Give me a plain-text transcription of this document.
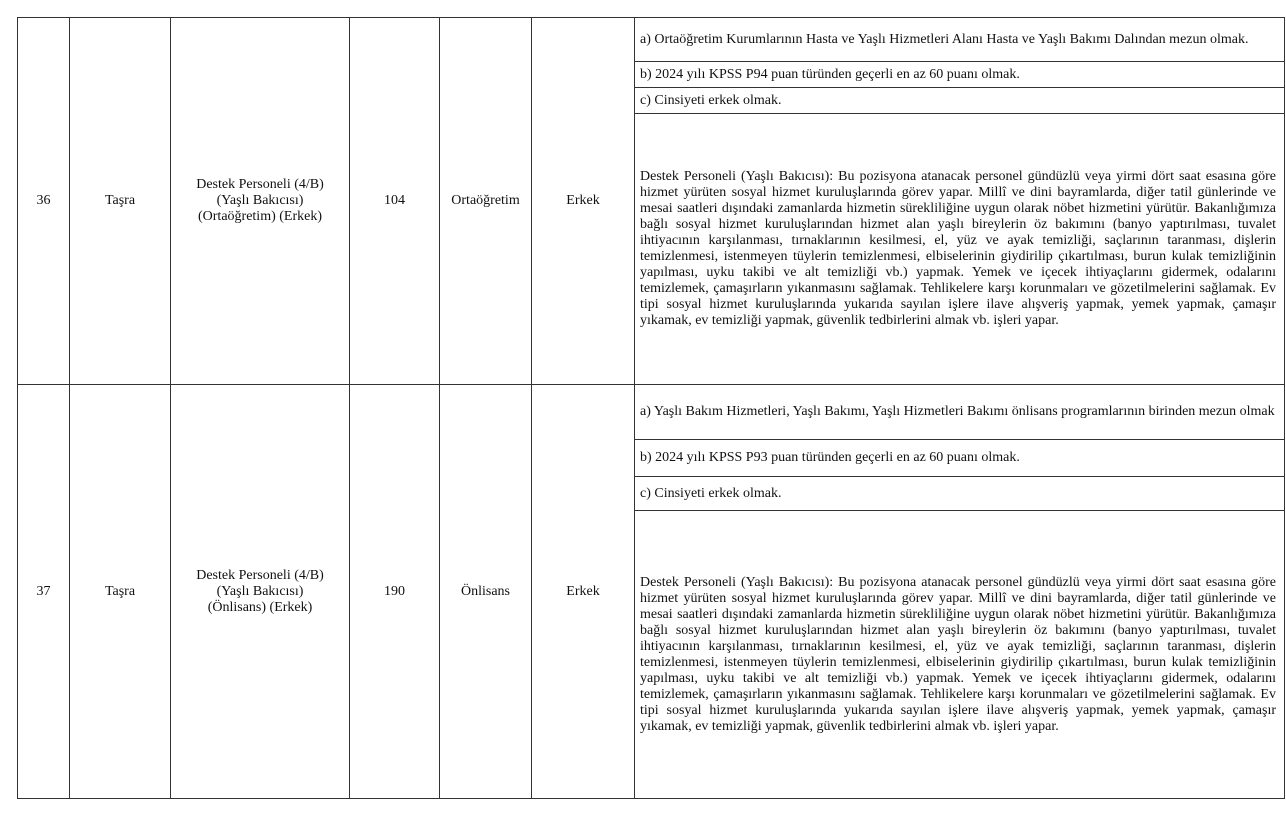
36	Taşra	Destek Personeli (4/B)
(Yaşlı Bakıcısı)
(Ortaöğretim) (Erkek)	104	Ortaöğretim	Erkek	a) Ortaöğretim Kurumlarının Hasta ve Yaşlı Hizmetleri Alanı Hasta ve Yaşlı Bakımı Dalından mezun olmak.
						b) 2024 yılı KPSS P94 puan türünden geçerli en az 60 puanı olmak.
						c) Cinsiyeti erkek olmak.
						Destek Personeli (Yaşlı Bakıcısı): Bu pozisyona atanacak personel gündüzlü veya yirmi dört saat esasına göre hizmet yürüten sosyal hizmet kuruluşlarında görev yapar. Millî ve dini bayramlarda, diğer tatil günlerinde ve mesai saatleri dışındaki zamanlarda hizmetin sürekliliğine uygun olarak nöbet hizmetini yürütür. Bakanlığımıza bağlı sosyal hizmet kuruluşlarından hizmet alan yaşlı bireylerin öz bakımını (banyo yaptırılması, tuvalet ihtiyacının karşılanması, tırnaklarının kesilmesi, el, yüz ve ayak temizliği, saçlarının taranması, dişlerin temizlenmesi, istenmeyen tüylerin temizlenmesi, elbiselerinin giydirilip çıkartılması, burun kulak temizliğinin yapılması, uyku takibi ve alt temizliği vb.) yapmak. Yemek ve içecek ihtiyaçlarını gidermek, odalarını temizlemek, çamaşırların yıkanmasını sağlamak. Tehlikelere karşı korunmaları ve gözetilmelerini sağlamak. Ev tipi sosyal hizmet kuruluşlarında yukarıda sayılan işlere ilave alışveriş yapmak, yemek yapmak, çamaşır yıkamak, ev temizliği yapmak, güvenlik tedbirlerini almak vb. işleri yapar.
37	Taşra	Destek Personeli (4/B)
(Yaşlı Bakıcısı)
(Önlisans) (Erkek)	190	Önlisans	Erkek	a) Yaşlı Bakım Hizmetleri, Yaşlı Bakımı, Yaşlı Hizmetleri Bakımı önlisans programlarının birinden mezun olmak
						b) 2024 yılı KPSS P93 puan türünden geçerli en az 60 puanı olmak.
						c) Cinsiyeti erkek olmak.
						Destek Personeli (Yaşlı Bakıcısı): Bu pozisyona atanacak personel gündüzlü veya yirmi dört saat esasına göre hizmet yürüten sosyal hizmet kuruluşlarında görev yapar. Millî ve dini bayramlarda, diğer tatil günlerinde ve mesai saatleri dışındaki zamanlarda hizmetin sürekliliğine uygun olarak nöbet hizmetini yürütür. Bakanlığımıza bağlı sosyal hizmet kuruluşlarından hizmet alan yaşlı bireylerin öz bakımını (banyo yaptırılması, tuvalet ihtiyacının karşılanması, tırnaklarının kesilmesi, el, yüz ve ayak temizliği, saçlarının taranması, dişlerin temizlenmesi, istenmeyen tüylerin temizlenmesi, elbiselerinin giydirilip çıkartılması, burun kulak temizliğinin yapılması, uyku takibi ve alt temizliği vb.) yapmak. Yemek ve içecek ihtiyaçlarını gidermek, odalarını temizlemek, çamaşırların yıkanmasını sağlamak. Tehlikelere karşı korunmaları ve gözetilmelerini sağlamak. Ev tipi sosyal hizmet kuruluşlarında yukarıda sayılan işlere ilave alışveriş yapmak, yemek yapmak, çamaşır yıkamak, ev temizliği yapmak, güvenlik tedbirlerini almak vb. işleri yapar.
